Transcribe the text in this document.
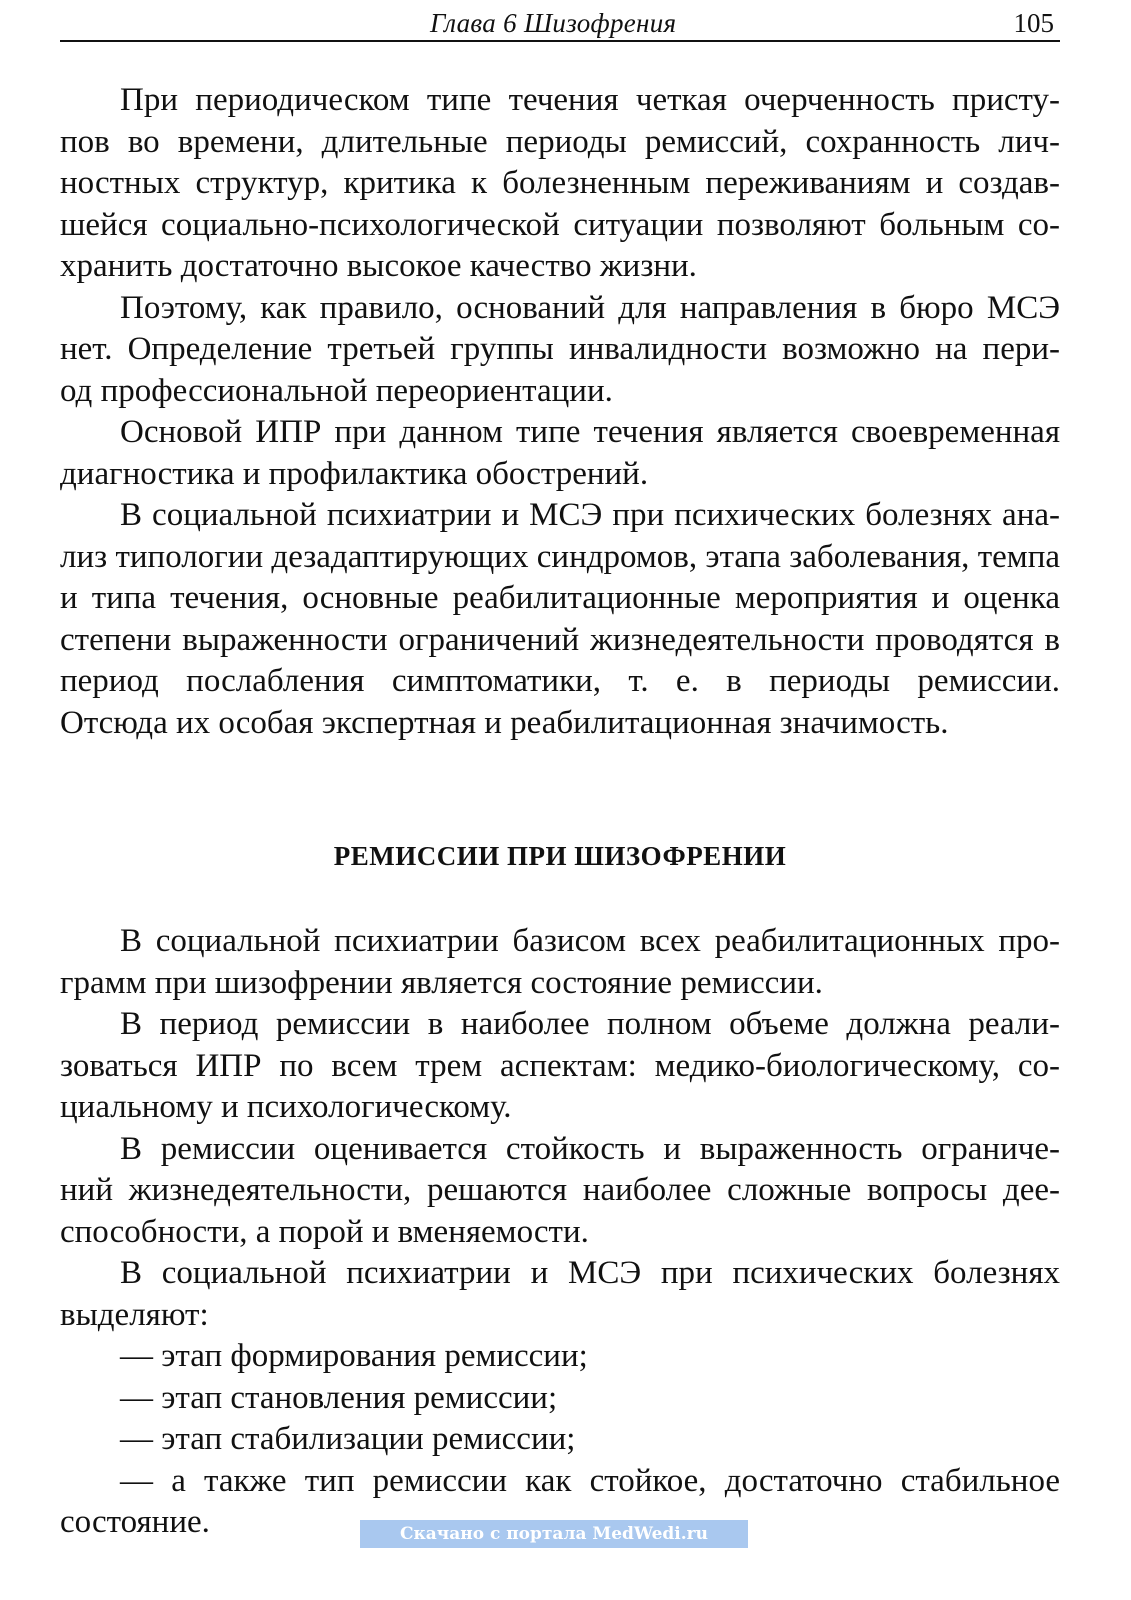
Глава 6 Шизофрения	105

При периодическом типе течения четкая очерченность присту-
пов во времени, длительные периоды ремиссий, сохранность лич-
ностных структур, критика к болезненным переживаниям и создав-
шейся социально-психологической ситуации позволяют больным со-
хранить достаточно высокое качество жизни.

Поэтому, как правило, оснований для направления в бюро МСЭ
нет. Определение третьей группы инвалидности возможно на пери-
од профессиональной переориентации.

Основой ИПР при данном типе течения является своевременная
диагностика и профилактика обострений.

В социальной психиатрии и МСЭ при психических болезнях ана-
лиз типологии дезадаптирующих синдромов, этапа заболевания, темпа
и типа течения, основные реабилитационные мероприятия и оценка
степени выраженности ограничений жизнедеятельности проводятся в
период послабления симптоматики, т. е. в периоды ремиссии.
Отсюда их особая экспертная и реабилитационная значимость.

РЕМИССИИ ПРИ ШИЗОФРЕНИИ

В социальной психиатрии базисом всех реабилитационных про-
грамм при шизофрении является состояние ремиссии.

В период ремиссии в наиболее полном объеме должна реали-
зоваться ИПР по всем трем аспектам: медико-биологическому, со-
циальному и психологическому.

В ремиссии оценивается стойкость и выраженность ограниче-
ний жизнедеятельности, решаются наиболее сложные вопросы дее-
способности, а порой и вменяемости.

В социальной психиатрии и МСЭ при психических болезнях
выделяют:

— этап формирования ремиссии;
— этап становления ремиссии;
— этап стабилизации ремиссии;

— а также тип ремиссии как стойкое, достаточно стабильное
состояние.	Скачано с портала MedWedi.ru
